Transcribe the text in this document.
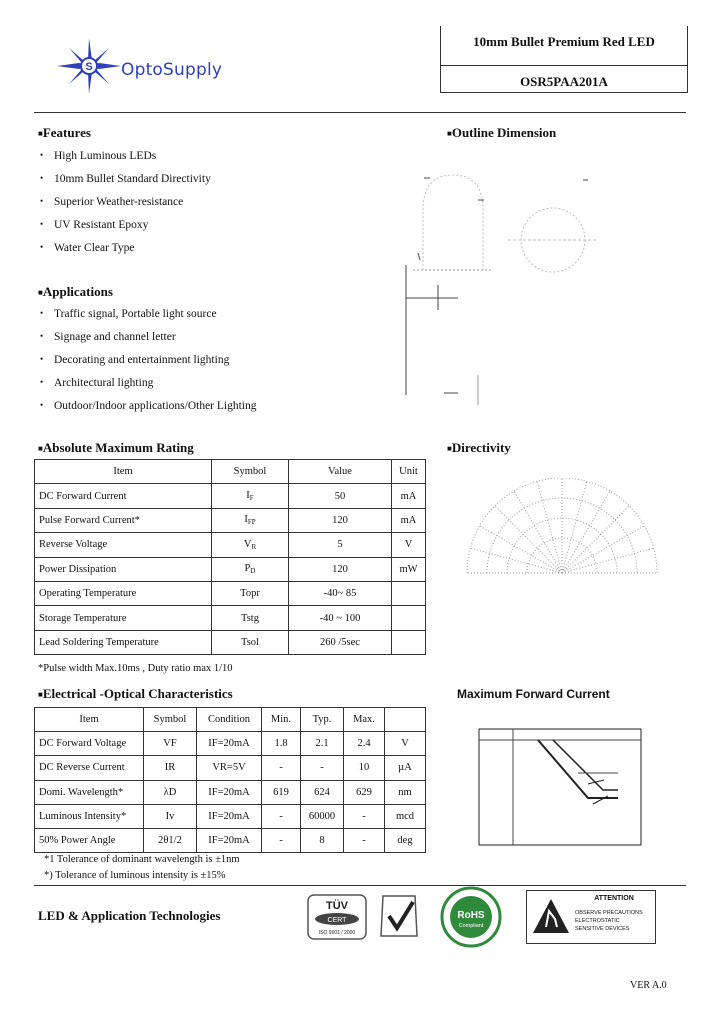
S OptoSupply
10mm Bullet Premium Red LED
OSR5PAA201A
■Features
• High Luminous LEDs
• 10mm Bullet Standard Directivity
• Superior Weather-resistance
• UV Resistant Epoxy
• Water Clear Type
■Applications
• Traffic signal, Portable light source
• Signage and channel letter
• Decorating and entertainment lighting
• Architectural lighting
• Outdoor/Indoor applications/Other Lighting
■Outline Dimension
■Absolute Maximum Rating
Item	Symbol	Value	Unit
DC Forward Current	IF	50	mA
Pulse Forward Current*	IFP	120	mA
Reverse Voltage	VR	5	V
Power Dissipation	PD	120	mW
Operating Temperature	Topr	-40~ 85	
Storage Temperature	Tstg	-40 ~ 100	
Lead Soldering Temperature	Tsol	260 /5sec	
*Pulse width Max.10ms , Duty ratio max 1/10
■Directivity
■Electrical -Optical Characteristics
Item	Symbol	Condition	Min.	Typ.	Max.	
DC Forward Voltage	VF	IF=20mA	1.8	2.1	2.4	V
DC Reverse Current	IR	VR=5V	-	-	10	µA
Domi. Wavelength*	λD	IF=20mA	619	624	629	nm
Luminous Intensity*	Iv	IF=20mA	-	60000	-	mcd
50% Power Angle	2θ1/2	IF=20mA	-	8	-	deg
*1 Tolerance of dominant wavelength is ±1nm
*) Tolerance of luminous intensity is ±15%
Maximum Forward Current
LED & Application Technologies
TÜV
CERT
ISO 9001 / 2000
RoHS
Compliant
ATTENTION
OBSERVE PRECAUTIONS
ELECTROSTATIC
SENSITIVE DEVICES
VER A.0
